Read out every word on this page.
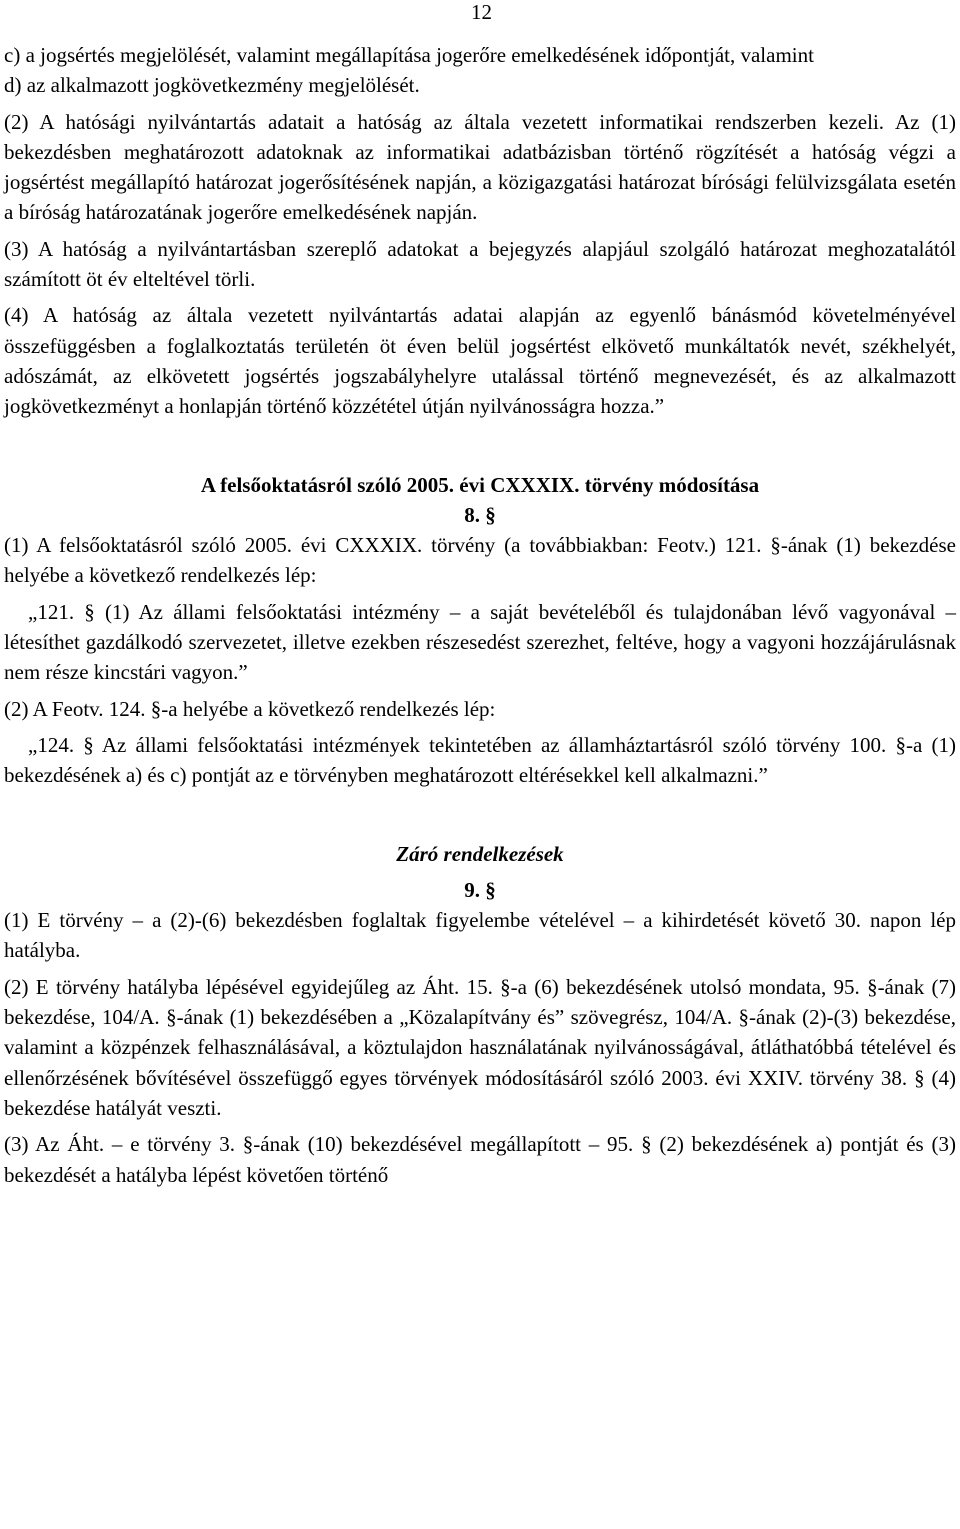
12

c) a jogsértés megjelölését, valamint megállapítása jogerőre emelkedésének időpontját, valamint

d) az alkalmazott jogkövetkezmény megjelölését.

(2) A hatósági nyilvántartás adatait a hatóság az általa vezetett informatikai rendszerben kezeli. Az (1) bekezdésben meghatározott adatoknak az informatikai adatbázisban történő rögzítését a hatóság végzi a jogsértést megállapító határozat jogerősítésének napján, a közigazgatási határozat bírósági felülvizsgálata esetén a bíróság határozatának jogerőre emelkedésének napján.

(3) A hatóság a nyilvántartásban szereplő adatokat a bejegyzés alapjául szolgáló határozat meghozatalától számított öt év elteltével törli.

(4) A hatóság az általa vezetett nyilvántartás adatai alapján az egyenlő bánásmód követelményével összefüggésben a foglalkoztatás területén öt éven belül jogsértést elkövető munkáltatók nevét, székhelyét, adószámát, az elkövetett jogsértés jogszabályhelyre utalással történő megnevezését, és az alkalmazott jogkövetkezményt a honlapján történő közzététel útján nyilvánosságra hozza.”

A felsőoktatásról szóló 2005. évi CXXXIX. törvény módosítása

8. §

(1) A felsőoktatásról szóló 2005. évi CXXXIX. törvény (a továbbiakban: Feotv.) 121. §-ának (1) bekezdése helyébe a következő rendelkezés lép:

„121. § (1) Az állami felsőoktatási intézmény – a saját bevételéből és tulajdonában lévő vagyonával – létesíthet gazdálkodó szervezetet, illetve ezekben részesedést szerezhet, feltéve, hogy a vagyoni hozzájárulásnak nem része kincstári vagyon.”

(2) A Feotv. 124. §-a helyébe a következő rendelkezés lép:

„124. § Az állami felsőoktatási intézmények tekintetében az államháztartásról szóló törvény 100. §-a (1) bekezdésének a) és c) pontját az e törvényben meghatározott eltérésekkel kell alkalmazni.”

Záró rendelkezések

9. §

(1) E törvény – a (2)-(6) bekezdésben foglaltak figyelembe vételével – a kihirdetését követő 30. napon lép hatályba.

(2) E törvény hatályba lépésével egyidejűleg az Áht. 15. §-a (6) bekezdésének utolsó mondata, 95. §-ának (7) bekezdése, 104/A. §-ának (1) bekezdésében a „Közalapítvány és” szövegrész, 104/A. §-ának (2)-(3) bekezdése, valamint a közpénzek felhasználásával, a köztulajdon használatának nyilvánosságával, átláthatóbbá tételével és ellenőrzésének bővítésével összefüggő egyes törvények módosításáról szóló 2003. évi XXIV. törvény 38. § (4) bekezdése hatályát veszti.

(3) Az Áht. – e törvény 3. §-ának (10) bekezdésével megállapított – 95. § (2) bekezdésének a) pontját és (3) bekezdését a hatályba lépést követően történő
